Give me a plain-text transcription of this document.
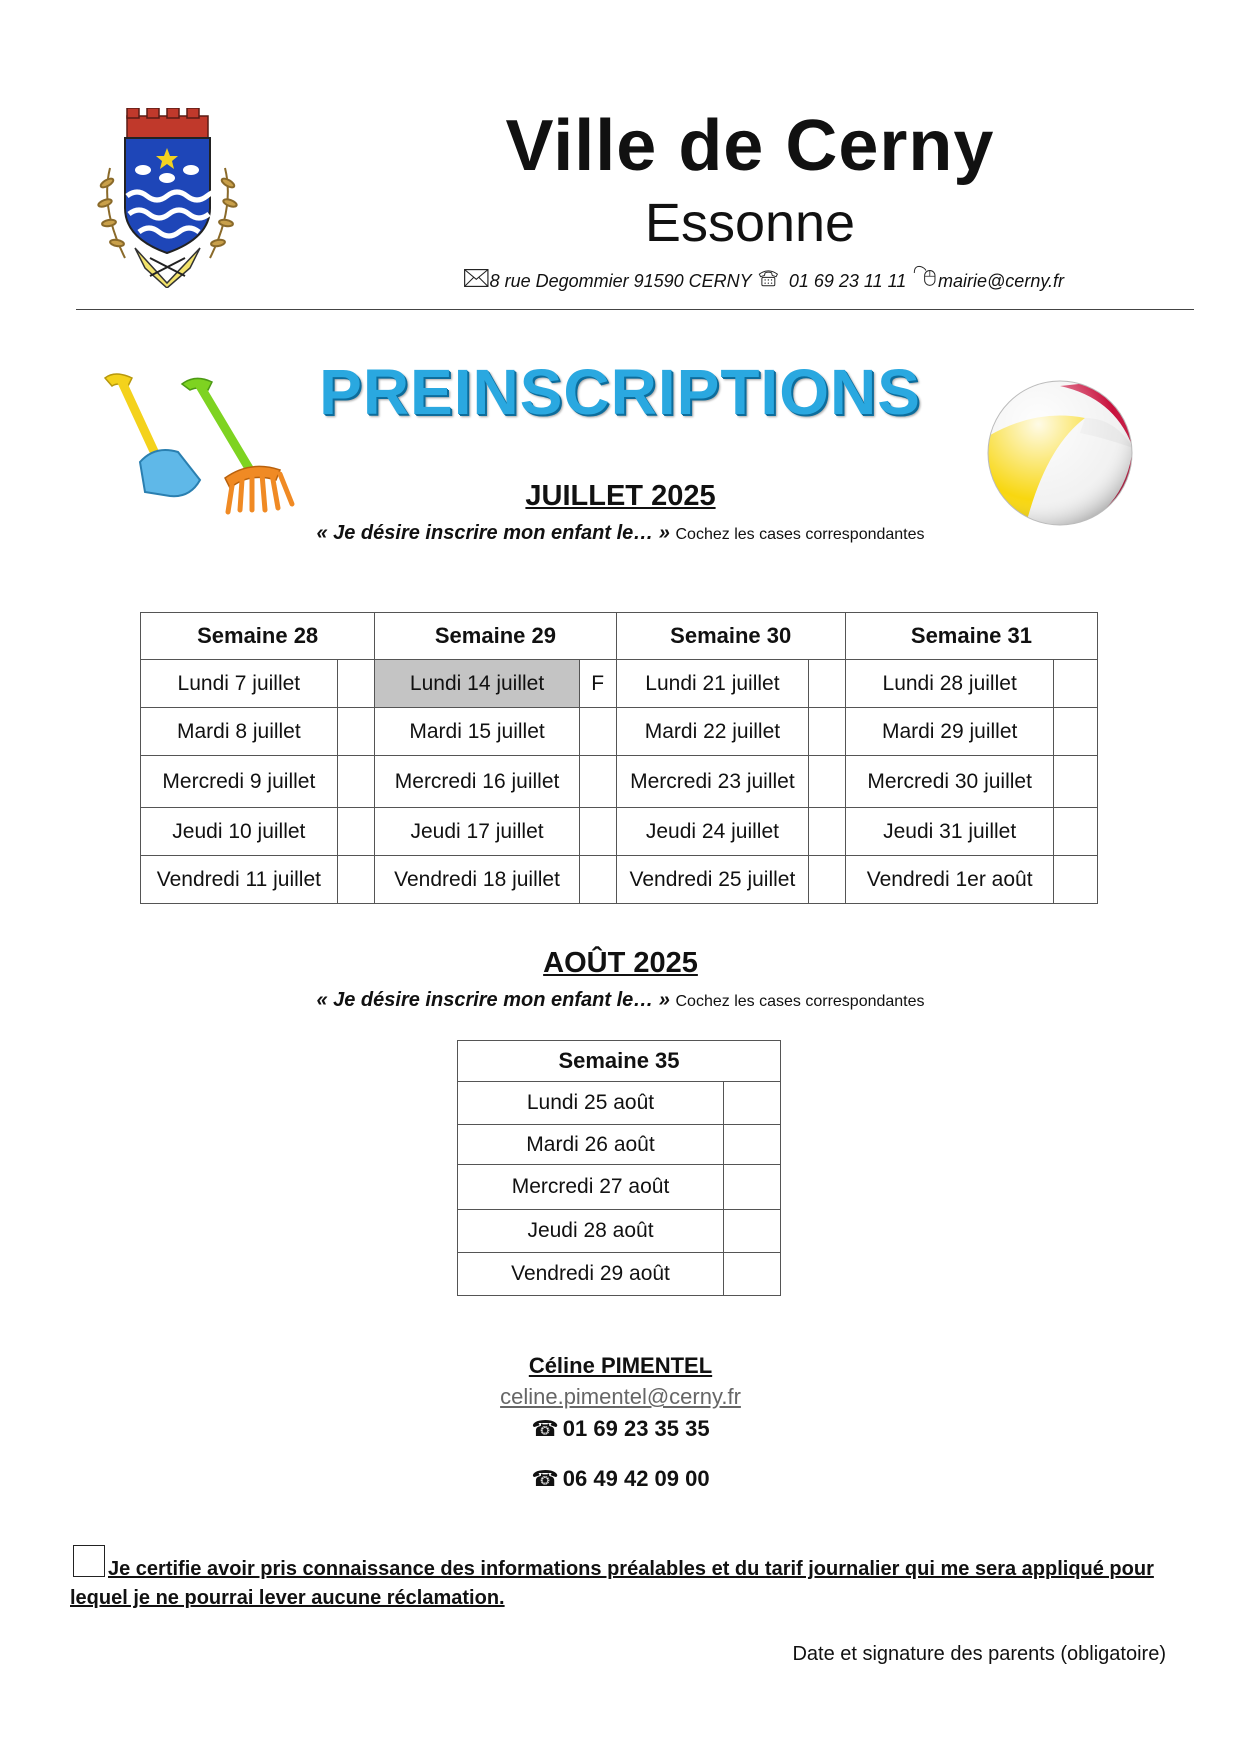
Ville de Cerny
Essonne
8 rue Degommier 91590 CERNY 01 69 23 11 11 mairie@cerny.fr
PREINSCRIPTIONS
JUILLET 2025
« Je désire inscrire mon enfant le… » Cochez les cases correspondantes
Semaine 28		Semaine 29		Semaine 30		Semaine 31	
Lundi 7 juillet		Lundi 14 juillet	F	Lundi 21 juillet		Lundi 28 juillet	
Mardi 8 juillet		Mardi 15 juillet		Mardi 22 juillet		Mardi 29 juillet	
Mercredi 9 juillet		Mercredi 16 juillet		Mercredi 23 juillet		Mercredi 30 juillet	
Jeudi 10 juillet		Jeudi 17 juillet		Jeudi 24 juillet		Jeudi 31 juillet	
Vendredi 11 juillet		Vendredi 18 juillet		Vendredi 25 juillet		Vendredi 1er août	
AOÛT 2025
« Je désire inscrire mon enfant le… » Cochez les cases correspondantes
Semaine 35	
Lundi 25 août	
Mardi 26 août	
Mercredi 27 août	
Jeudi 28 août	
Vendredi 29 août	
Céline PIMENTEL
celine.pimentel@cerny.fr
☎ 01 69 23 35 35
☎ 06 49 42 09 00
Je certifie avoir pris connaissance des informations préalables et du tarif journalier qui me sera appliqué pour lequel je ne pourrai lever aucune réclamation.
Date et signature des parents (obligatoire)
